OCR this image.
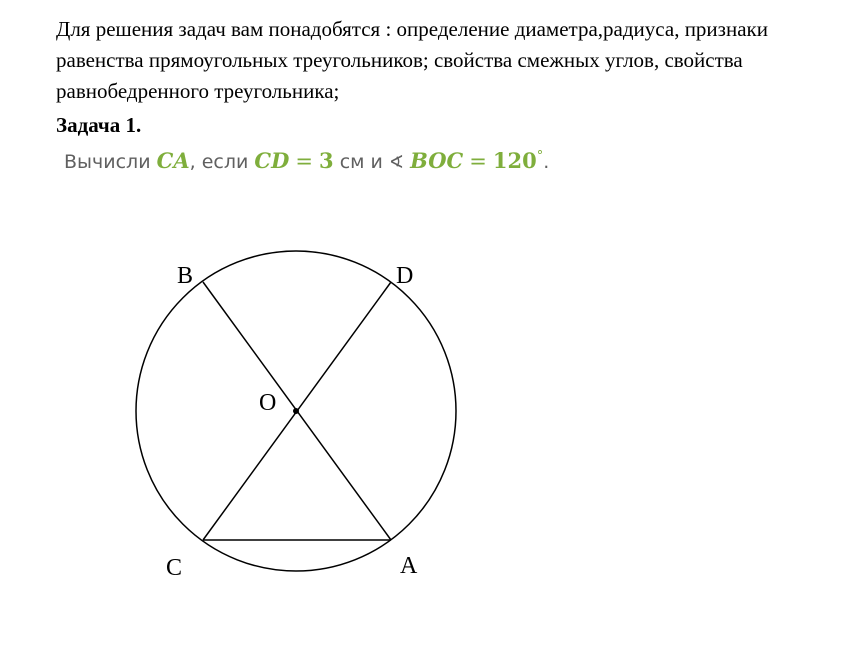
Для решения задач вам понадобятся : определение диаметра,радиуса, признаки равенства прямоугольных треугольников; свойства смежных углов, свойства равнобедренного треугольника;

Задача 1.

Вычисли CA, если CD = 3 см и ∢ BOC = 120°.

B	D
O
C	A
